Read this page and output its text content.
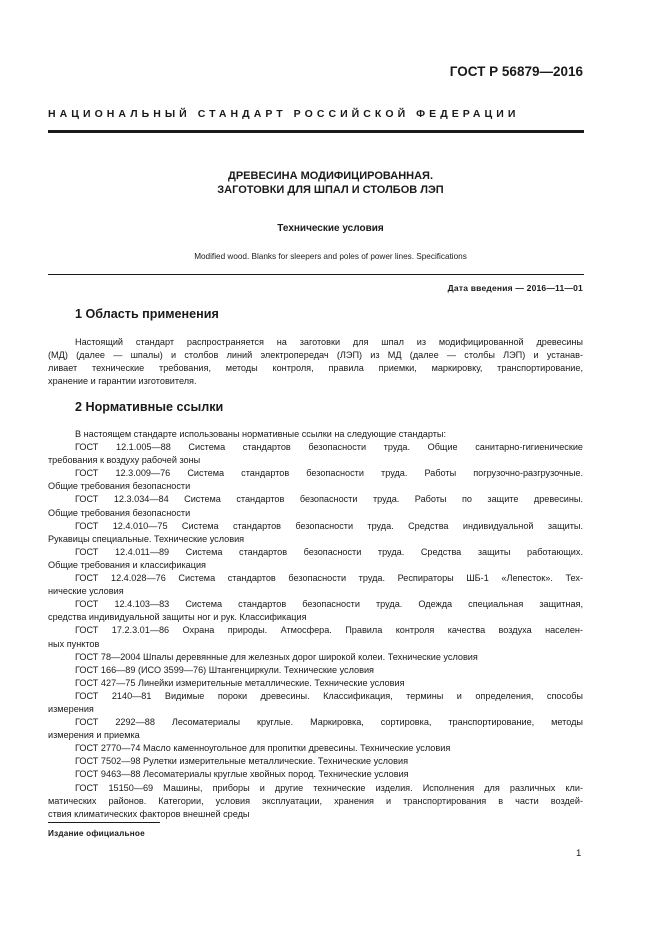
ГОСТ Р 56879—2016
НАЦИОНАЛЬНЫЙ СТАНДАРТ РОССИЙСКОЙ ФЕДЕРАЦИИ
ДРЕВЕСИНА МОДИФИЦИРОВАННАЯ.
ЗАГОТОВКИ ДЛЯ ШПАЛ И СТОЛБОВ ЛЭП
Технические условия
Modified wood. Blanks for sleepers and poles of power lines. Specifications
Дата введения — 2016—11—01
1 Область применения
Настоящий стандарт распространяется на заготовки для шпал из модифицированной древесины
(МД) (далее — шпалы) и столбов линий электропередач (ЛЭП) из МД (далее — столбы ЛЭП) и устанав-
ливает технические требования, методы контроля, правила приемки, маркировку, транспортирование,
хранение и гарантии изготовителя.
2 Нормативные ссылки
В настоящем стандарте использованы нормативные ссылки на следующие стандарты:
ГОСТ 12.1.005—88 Система стандартов безопасности труда. Общие санитарно-гигиенические
требования к воздуху рабочей зоны
ГОСТ 12.3.009—76 Система стандартов безопасности труда. Работы погрузочно-разгрузочные.
Общие требования безопасности
ГОСТ 12.3.034—84 Система стандартов безопасности труда. Работы по защите древесины.
Общие требования безопасности
ГОСТ 12.4.010—75 Система стандартов безопасности труда. Средства индивидуальной защиты.
Рукавицы специальные. Технические условия
ГОСТ 12.4.011—89 Система стандартов безопасности труда. Средства защиты работающих.
Общие требования и классификация
ГОСТ 12.4.028—76 Система стандартов безопасности труда. Респираторы ШБ-1 «Лепесток». Тех-
нические условия
ГОСТ 12.4.103—83 Система стандартов безопасности труда. Одежда специальная защитная,
средства индивидуальной защиты ног и рук. Классификация
ГОСТ 17.2.3.01—86 Охрана природы. Атмосфера. Правила контроля качества воздуха населен-
ных пунктов
ГОСТ 78—2004 Шпалы деревянные для железных дорог широкой колеи. Технические условия
ГОСТ 166—89 (ИСО 3599—76) Штангенциркули. Технические условия
ГОСТ 427—75 Линейки измерительные металлические. Технические условия
ГОСТ 2140—81 Видимые пороки древесины. Классификация, термины и определения, способы
измерения
ГОСТ 2292—88 Лесоматериалы круглые. Маркировка, сортировка, транспортирование, методы
измерения и приемка
ГОСТ 2770—74 Масло каменноугольное для пропитки древесины. Технические условия
ГОСТ 7502—98 Рулетки измерительные металлические. Технические условия
ГОСТ 9463—88 Лесоматериалы круглые хвойных пород. Технические условия
ГОСТ 15150—69 Машины, приборы и другие технические изделия. Исполнения для различных кли-
матических районов. Категории, условия эксплуатации, хранения и транспортирования в части воздей-
ствия климатических факторов внешней среды
Издание официальное
1
